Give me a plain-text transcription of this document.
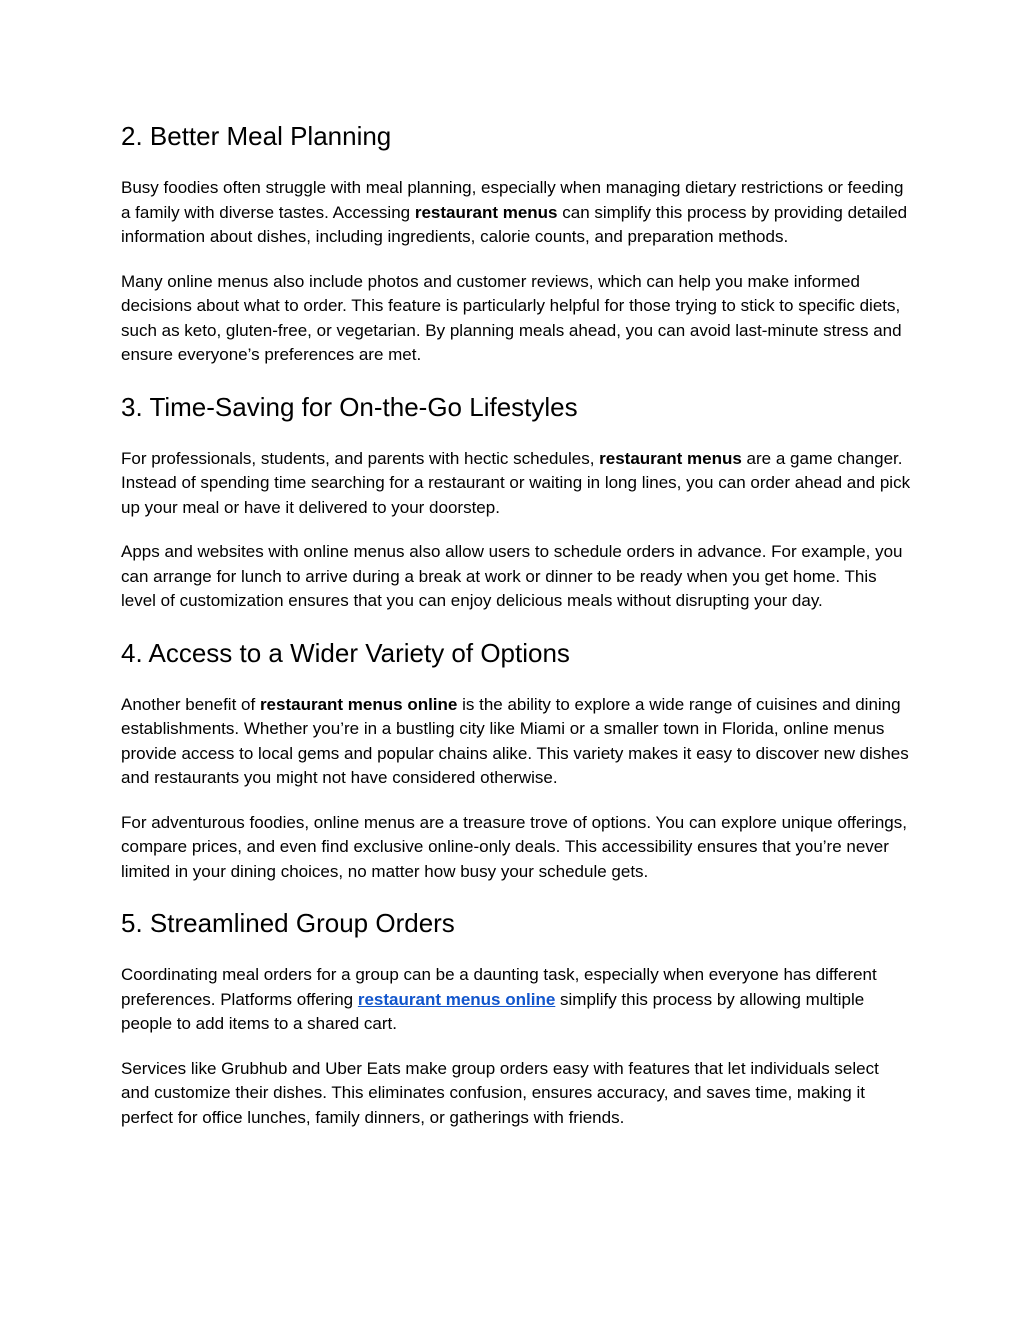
2. Better Meal Planning

Busy foodies often struggle with meal planning, especially when managing dietary restrictions or feeding a family with diverse tastes. Accessing restaurant menus can simplify this process by providing detailed information about dishes, including ingredients, calorie counts, and preparation methods.

Many online menus also include photos and customer reviews, which can help you make informed decisions about what to order. This feature is particularly helpful for those trying to stick to specific diets, such as keto, gluten-free, or vegetarian. By planning meals ahead, you can avoid last-minute stress and ensure everyone’s preferences are met.

3. Time-Saving for On-the-Go Lifestyles

For professionals, students, and parents with hectic schedules, restaurant menus are a game changer. Instead of spending time searching for a restaurant or waiting in long lines, you can order ahead and pick up your meal or have it delivered to your doorstep.

Apps and websites with online menus also allow users to schedule orders in advance. For example, you can arrange for lunch to arrive during a break at work or dinner to be ready when you get home. This level of customization ensures that you can enjoy delicious meals without disrupting your day.

4. Access to a Wider Variety of Options

Another benefit of restaurant menus online is the ability to explore a wide range of cuisines and dining establishments. Whether you’re in a bustling city like Miami or a smaller town in Florida, online menus provide access to local gems and popular chains alike. This variety makes it easy to discover new dishes and restaurants you might not have considered otherwise.

For adventurous foodies, online menus are a treasure trove of options. You can explore unique offerings, compare prices, and even find exclusive online-only deals. This accessibility ensures that you’re never limited in your dining choices, no matter how busy your schedule gets.

5. Streamlined Group Orders

Coordinating meal orders for a group can be a daunting task, especially when everyone has different preferences. Platforms offering restaurant menus online simplify this process by allowing multiple people to add items to a shared cart.

Services like Grubhub and Uber Eats make group orders easy with features that let individuals select and customize their dishes. This eliminates confusion, ensures accuracy, and saves time, making it perfect for office lunches, family dinners, or gatherings with friends.
